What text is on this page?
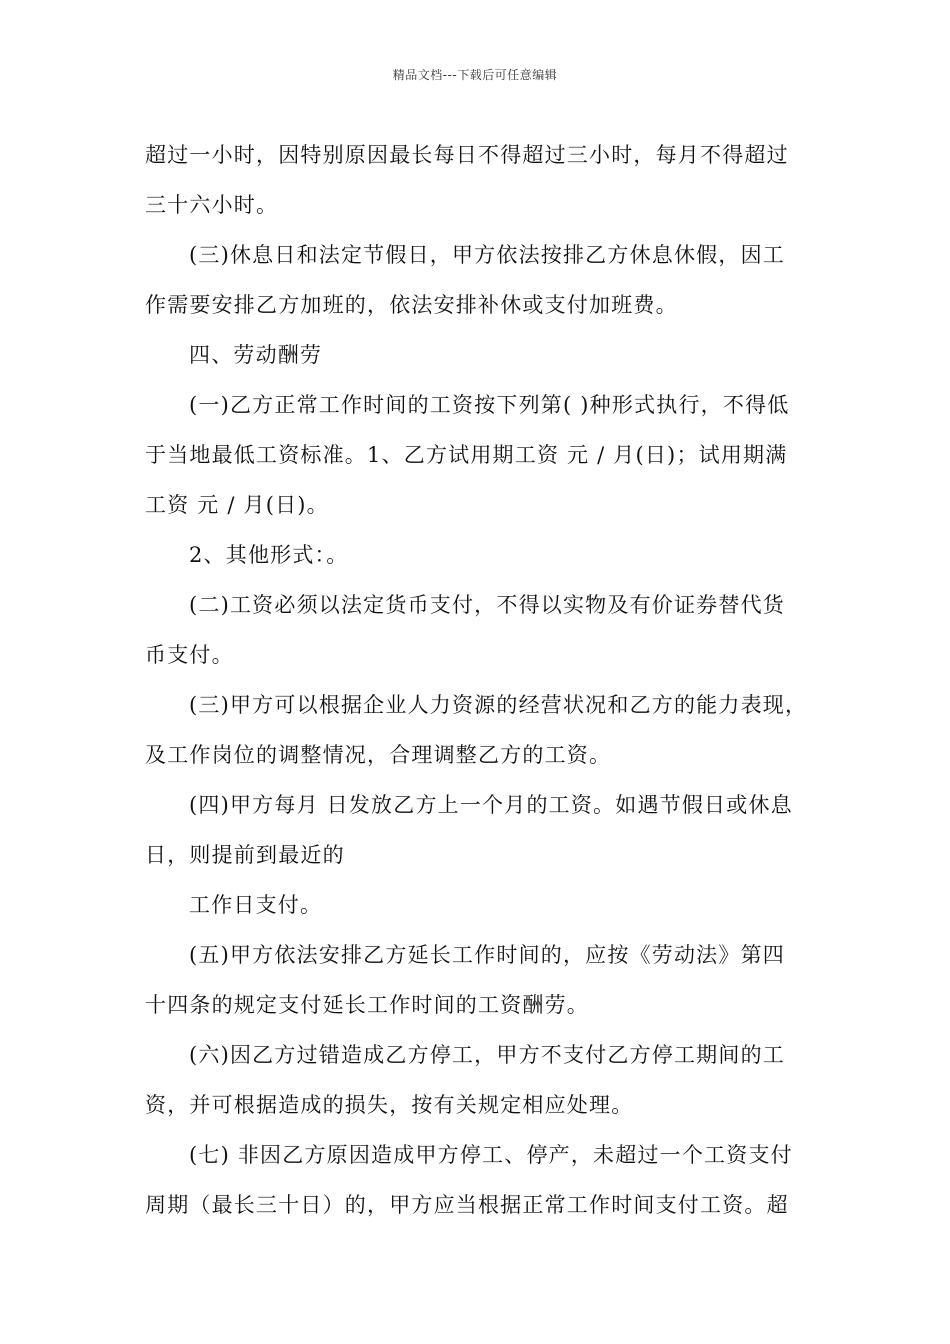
精品文档---下载后可任意编辑
超过一小时，因特别原因最长每日不得超过三小时，每月不得超过
三十六小时。
(三)休息日和法定节假日，甲方依法按排乙方休息休假，因工
作需要安排乙方加班的，依法安排补休或支付加班费。
四、劳动酬劳
(一)乙方正常工作时间的工资按下列第( )种形式执行，不得低
于当地最低工资标准。1、乙方试用期工资 元 / 月(日)；试用期满
工资 元 / 月(日)。
2、其他形式：。
(二)工资必须以法定货币支付，不得以实物及有价证券替代货
币支付。
(三)甲方可以根据企业人力资源的经营状况和乙方的能力表现，
及工作岗位的调整情况，合理调整乙方的工资。
(四)甲方每月 日发放乙方上一个月的工资。如遇节假日或休息
日，则提前到最近的
工作日支付。
(五)甲方依法安排乙方延长工作时间的，应按《劳动法》第四
十四条的规定支付延长工作时间的工资酬劳。
(六)因乙方过错造成乙方停工，甲方不支付乙方停工期间的工
资，并可根据造成的损失，按有关规定相应处理。
(七) 非因乙方原因造成甲方停工、停产，未超过一个工资支付
周期（最长三十日）的，甲方应当根据正常工作时间支付工资。超
